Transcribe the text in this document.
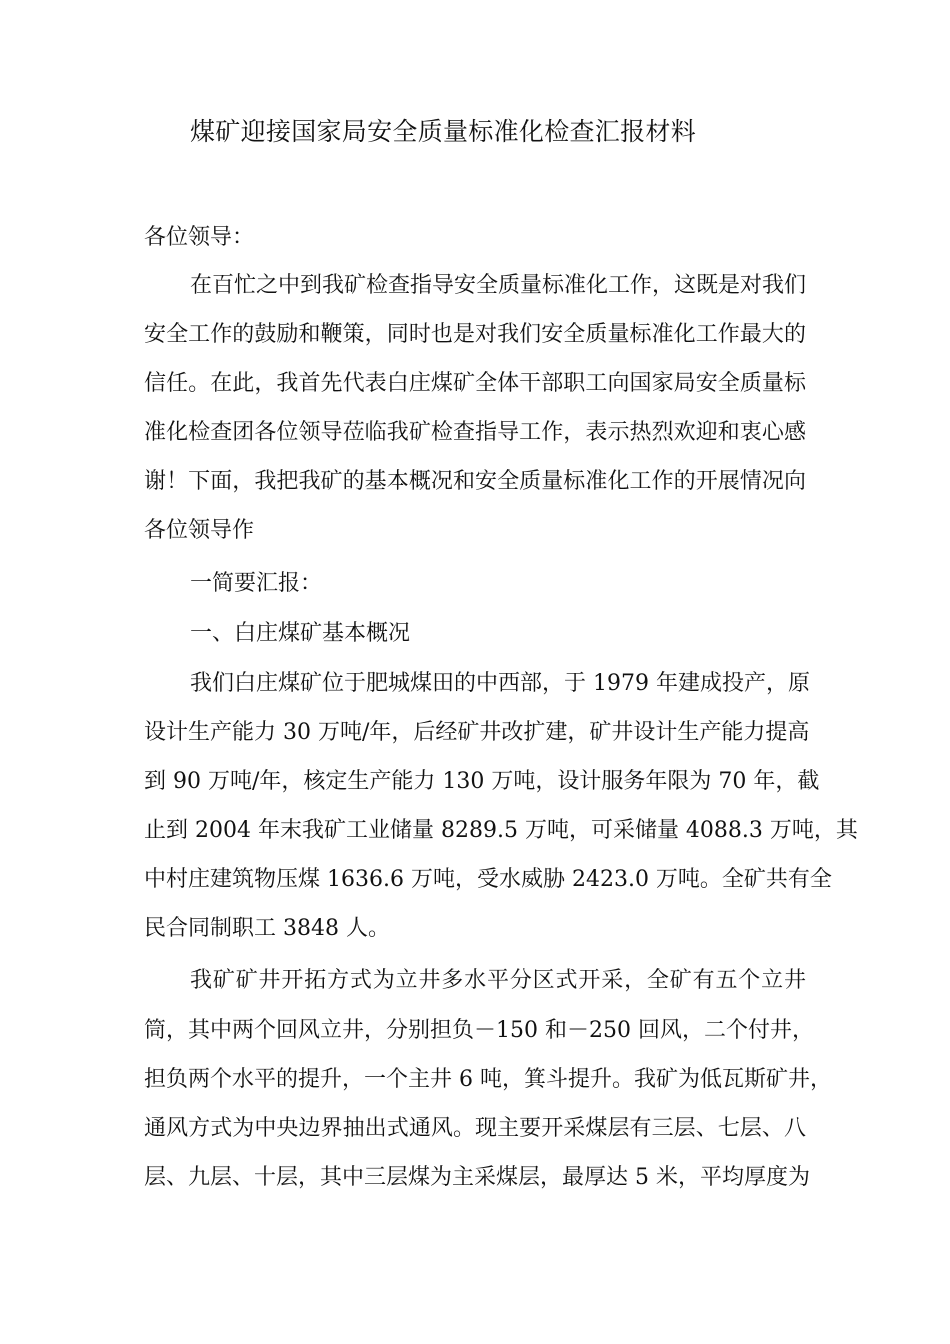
煤矿迎接国家局安全质量标准化检查汇报材料
各位领导：
在百忙之中到我矿检查指导安全质量标准化工作，这既是对我们
安全工作的鼓励和鞭策，同时也是对我们安全质量标准化工作最大的
信任。在此，我首先代表白庄煤矿全体干部职工向国家局安全质量标
准化检查团各位领导莅临我矿检查指导工作，表示热烈欢迎和衷心感
谢！下面，我把我矿的基本概况和安全质量标准化工作的开展情况向
各位领导作
一简要汇报：
一、白庄煤矿基本概况
我们白庄煤矿位于肥城煤田的中西部，于 1979 年建成投产，原
设计生产能力 30 万吨/年，后经矿井改扩建，矿井设计生产能力提高
到 90 万吨/年，核定生产能力 130 万吨，设计服务年限为 70 年，截
止到 2004 年末我矿工业储量 8289.5 万吨，可采储量 4088.3 万吨，其
中村庄建筑物压煤 1636.6 万吨，受水威胁 2423.0 万吨。全矿共有全
民合同制职工 3848 人。
我矿矿井开拓方式为立井多水平分区式开采，全矿有五个立井
筒，其中两个回风立井，分别担负－150 和－250 回风，二个付井，
担负两个水平的提升，一个主井 6 吨，箕斗提升。我矿为低瓦斯矿井，
通风方式为中央边界抽出式通风。现主要开采煤层有三层、七层、八
层、九层、十层，其中三层煤为主采煤层，最厚达 5 米，平均厚度为
